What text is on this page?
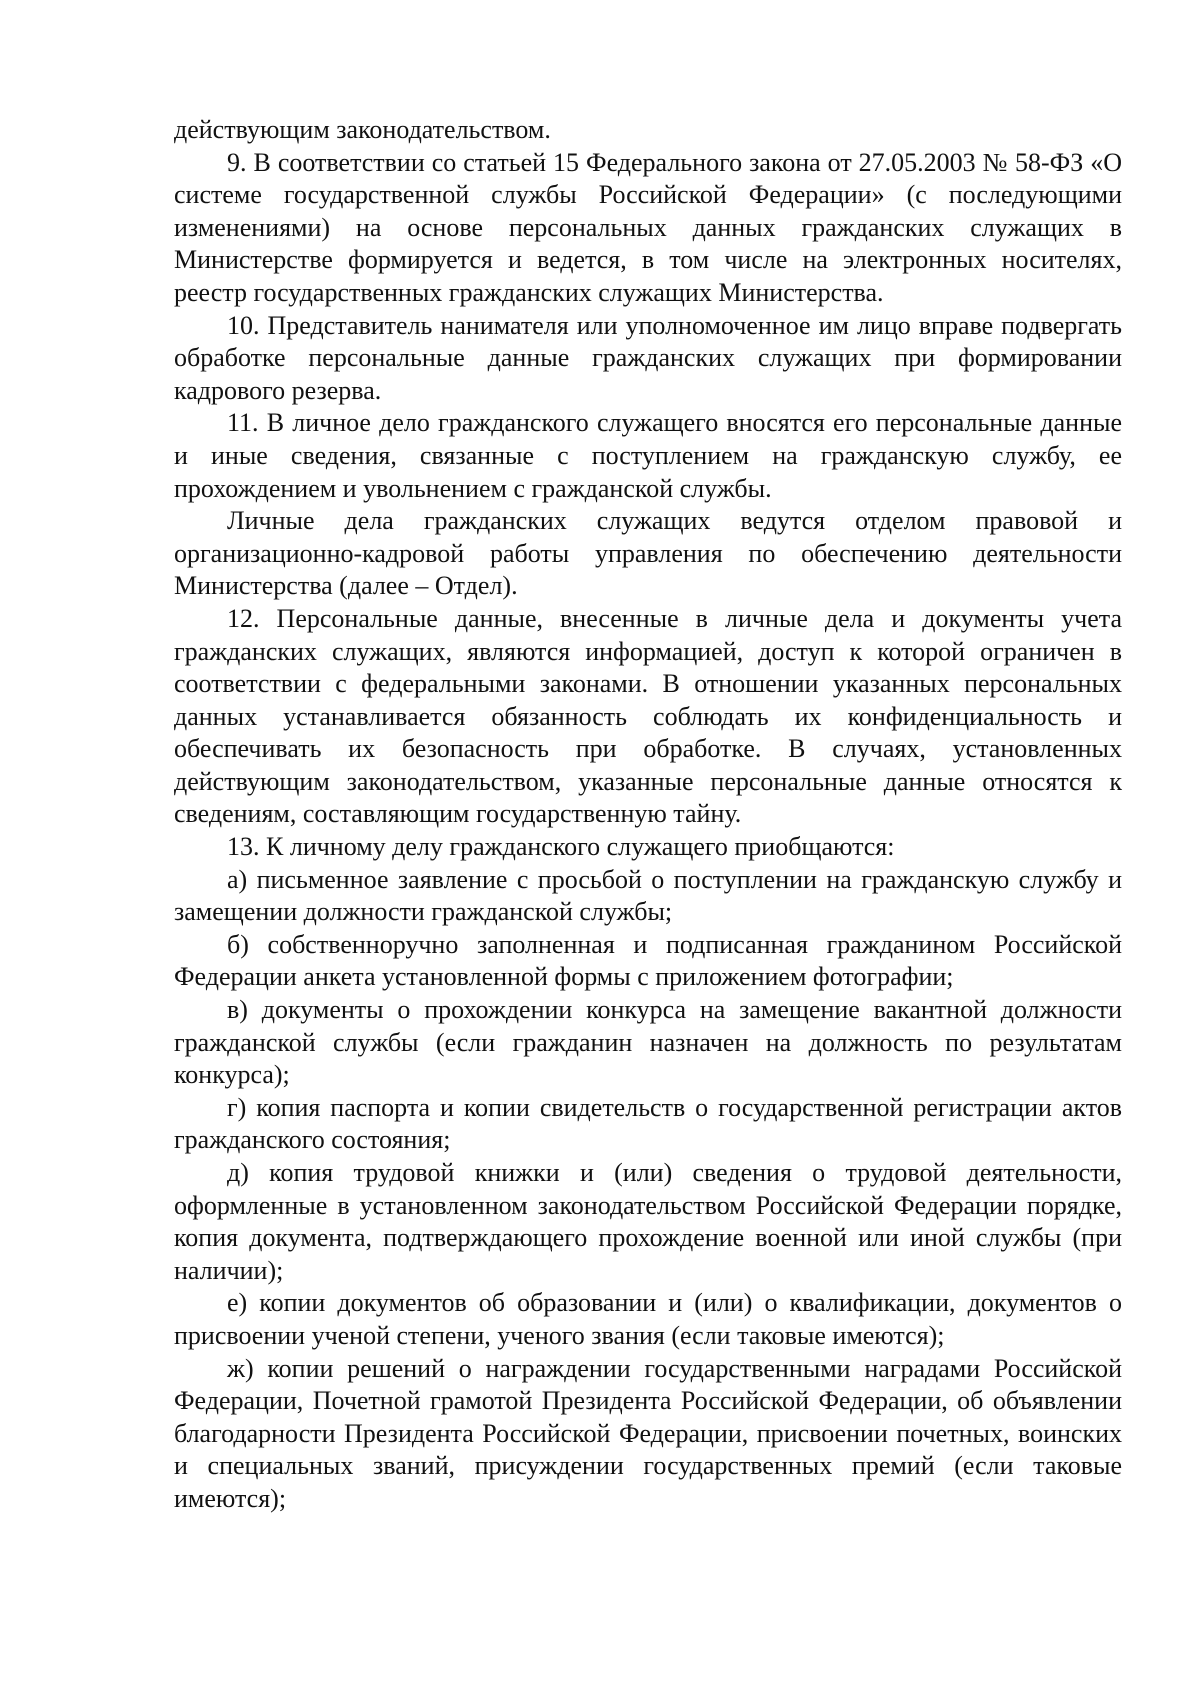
действующим законодательством.

9. В соответствии со статьей 15 Федерального закона от 27.05.2003 № 58-ФЗ «О системе государственной службы Российской Федерации» (с последующими изменениями) на основе персональных данных гражданских служащих в Министерстве формируется и ведется, в том числе на электронных носителях, реестр государственных гражданских служащих Министерства.

10. Представитель нанимателя или уполномоченное им лицо вправе подвергать обработке персональные данные гражданских служащих при формировании кадрового резерва.

11. В личное дело гражданского служащего вносятся его персональные данные и иные сведения, связанные с поступлением на гражданскую службу, ее прохождением и увольнением с гражданской службы.

Личные дела гражданских служащих ведутся отделом правовой и организационно-кадровой работы управления по обеспечению деятельности Министерства (далее – Отдел).

12. Персональные данные, внесенные в личные дела и документы учета гражданских служащих, являются информацией, доступ к которой ограничен в соответствии с федеральными законами. В отношении указанных персональных данных устанавливается обязанность соблюдать их конфиденциальность и обеспечивать их безопасность при обработке. В случаях, установленных действующим законодательством, указанные персональные данные относятся к сведениям, составляющим государственную тайну.

13. К личному делу гражданского служащего приобщаются:

а) письменное заявление с просьбой о поступлении на гражданскую службу и замещении должности гражданской службы;

б) собственноручно заполненная и подписанная гражданином Российской Федерации анкета установленной формы с приложением фотографии;

в) документы о прохождении конкурса на замещение вакантной должности гражданской службы (если гражданин назначен на должность по результатам конкурса);

г) копия паспорта и копии свидетельств о государственной регистрации актов гражданского состояния;

д) копия трудовой книжки и (или) сведения о трудовой деятельности, оформленные в установленном законодательством Российской Федерации порядке, копия документа, подтверждающего прохождение военной или иной службы (при наличии);

е) копии документов об образовании и (или) о квалификации, документов о присвоении ученой степени, ученого звания (если таковые имеются);

ж) копии решений о награждении государственными наградами Российской Федерации, Почетной грамотой Президента Российской Федерации, об объявлении благодарности Президента Российской Федерации, присвоении почетных, воинских и специальных званий, присуждении государственных премий (если таковые имеются);
